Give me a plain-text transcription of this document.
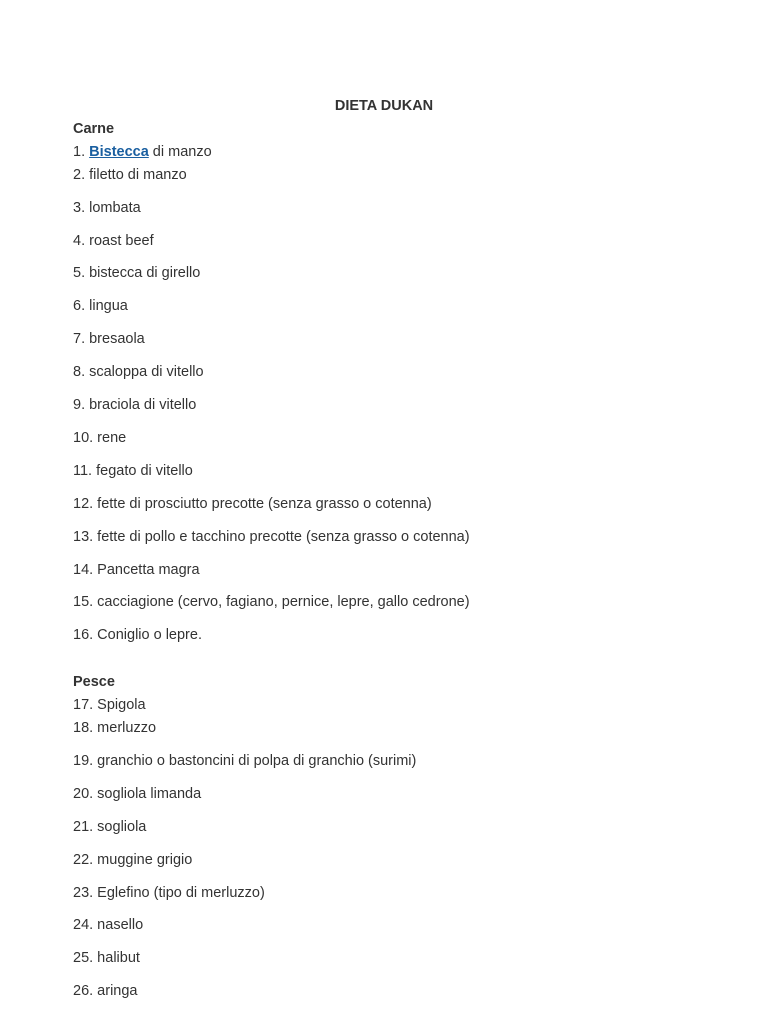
DIETA DUKAN
Carne
1. Bistecca di manzo
2. filetto di manzo
3. lombata
4. roast beef
5. bistecca di girello
6. lingua
7. bresaola
8. scaloppa di vitello
9. braciola di vitello
10. rene
11. fegato di vitello
12. fette di prosciutto precotte (senza grasso o cotenna)
13. fette di pollo e tacchino precotte (senza grasso o cotenna)
14. Pancetta magra
15. cacciagione (cervo, fagiano, pernice, lepre, gallo cedrone)
16. Coniglio o lepre.
Pesce
17. Spigola
18. merluzzo
19. granchio o bastoncini di polpa di granchio (surimi)
20. sogliola limanda
21. sogliola
22. muggine grigio
23. Eglefino (tipo di merluzzo)
24. nasello
25. halibut
26. aringa
